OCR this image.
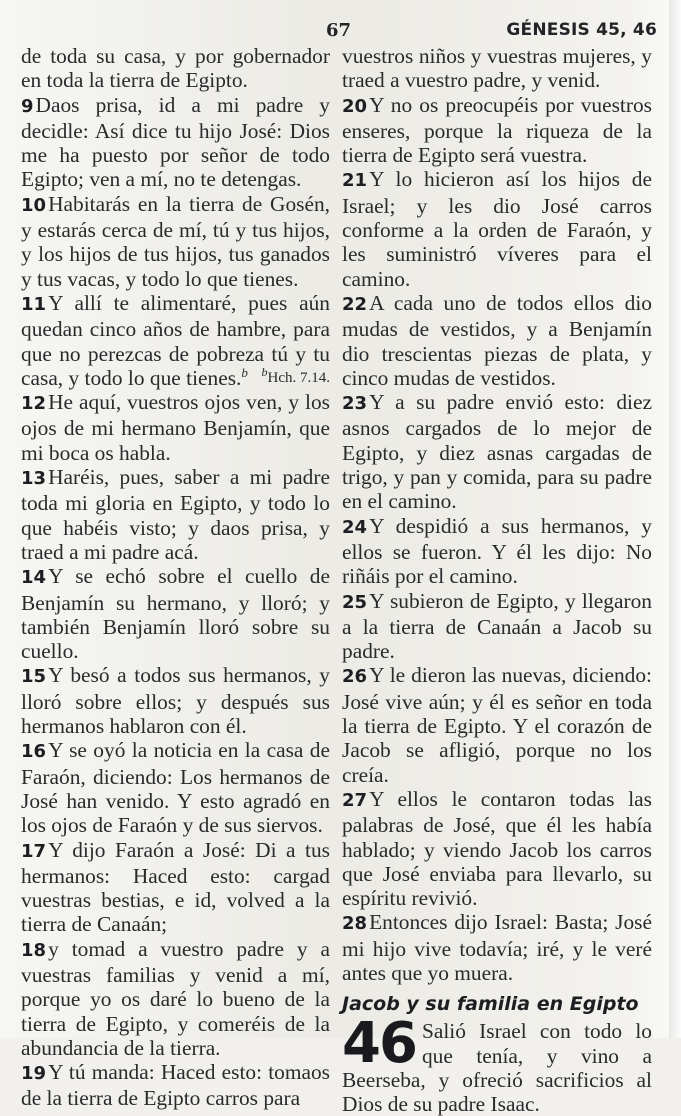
67	GÉNESIS 45, 46

de toda su casa, y por gobernador en toda la tierra de Egipto.

9Daos prisa, id a mi padre y decidle: Así dice tu hijo José: Dios me ha puesto por señor de todo Egipto; ven a mí, no te detengas.

10Habitarás en la tierra de Gosén, y estarás cerca de mí, tú y tus hijos, y los hijos de tus hijos, tus ganados y tus vacas, y todo lo que tienes.

11Y allí te alimentaré, pues aún quedan cinco años de hambre, para que no perezcas de pobreza tú y tu casa, y todo lo que tienes.$^b$ $^b$Hch. 7.14.

12He aquí, vuestros ojos ven, y los ojos de mi hermano Benjamín, que mi boca os habla.

13Haréis, pues, saber a mi padre toda mi gloria en Egipto, y todo lo que habéis visto; y daos prisa, y traed a mi padre acá.

14Y se echó sobre el cuello de Benjamín su hermano, y lloró; y también Benjamín lloró sobre su cuello.

15Y besó a todos sus hermanos, y lloró sobre ellos; y después sus hermanos hablaron con él.

16Y se oyó la noticia en la casa de Faraón, diciendo: Los hermanos de José han venido. Y esto agradó en los ojos de Faraón y de sus siervos.

17Y dijo Faraón a José: Di a tus hermanos: Haced esto: cargad vuestras bestias, e id, volved a la tierra de Canaán;

18y tomad a vuestro padre y a vuestras familias y venid a mí, porque yo os daré lo bueno de la tierra de Egipto, y comeréis de la abundancia de la tierra.

19Y tú manda: Haced esto: tomaos de la tierra de Egipto carros para

vuestros niños y vuestras mujeres, y traed a vuestro padre, y venid.

20Y no os preocupéis por vuestros enseres, porque la riqueza de la tierra de Egipto será vuestra.

21Y lo hicieron así los hijos de Israel; y les dio José carros conforme a la orden de Faraón, y les suministró víveres para el camino.

22A cada uno de todos ellos dio mudas de vestidos, y a Benjamín dio trescientas piezas de plata, y cinco mudas de vestidos.

23Y a su padre envió esto: diez asnos cargados de lo mejor de Egipto, y diez asnas cargadas de trigo, y pan y comida, para su padre en el camino.

24Y despidió a sus hermanos, y ellos se fueron. Y él les dijo: No riñáis por el camino.

25Y subieron de Egipto, y llegaron a la tierra de Canaán a Jacob su padre.

26Y le dieron las nuevas, diciendo: José vive aún; y él es señor en toda la tierra de Egipto. Y el corazón de Jacob se afligió, porque no los creía.

27Y ellos le contaron todas las palabras de José, que él les había hablado; y viendo Jacob los carros que José enviaba para llevarlo, su espíritu revivió.

28Entonces dijo Israel: Basta; José mi hijo vive todavía; iré, y le veré antes que yo muera.

Jacob y su familia en Egipto
46 Salió Israel con todo lo que tenía, y vino a Beerseba, y ofreció sacrificios al Dios de su padre Isaac.
